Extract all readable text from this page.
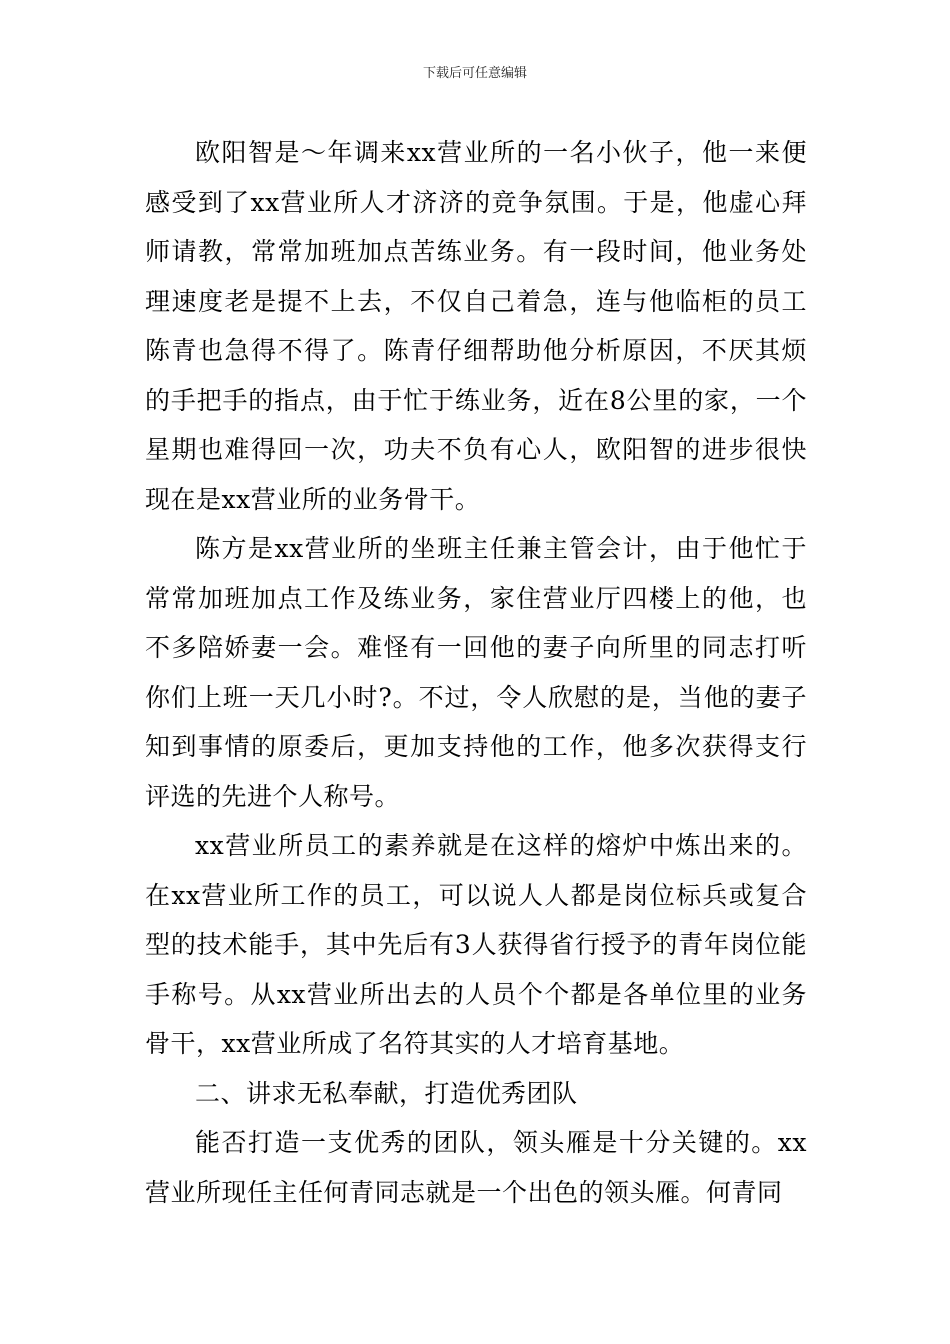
下载后可任意编辑

欧阳智是～年调来xx营业所的一名小伙子，他一来便感受到了xx营业所人才济济的竞争氛围。于是，他虚心拜师请教，常常加班加点苦练业务。有一段时间，他业务处理速度老是提不上去，不仅自己着急，连与他临柜的员工陈青也急得不得了。陈青仔细帮助他分析原因，不厌其烦的手把手的指点，由于忙于练业务，近在8公里的家，一个星期也难得回一次，功夫不负有心人，欧阳智的进步很快现在是xx营业所的业务骨干。

陈方是xx营业所的坐班主任兼主管会计，由于他忙于常常加班加点工作及练业务，家住营业厅四楼上的他，也不多陪娇妻一会。难怪有一回他的妻子向所里的同志打听你们上班一天几小时?。不过，令人欣慰的是，当他的妻子知到事情的原委后，更加支持他的工作，他多次获得支行评选的先进个人称号。

xx营业所员工的素养就是在这样的熔炉中炼出来的。在xx营业所工作的员工，可以说人人都是岗位标兵或复合型的技术能手，其中先后有3人获得省行授予的青年岗位能手称号。从xx营业所出去的人员个个都是各单位里的业务骨干，xx营业所成了名符其实的人才培育基地。

二、讲求无私奉献，打造优秀团队

能否打造一支优秀的团队，领头雁是十分关键的。xx营业所现任主任何青同志就是一个出色的领头雁。何青同
